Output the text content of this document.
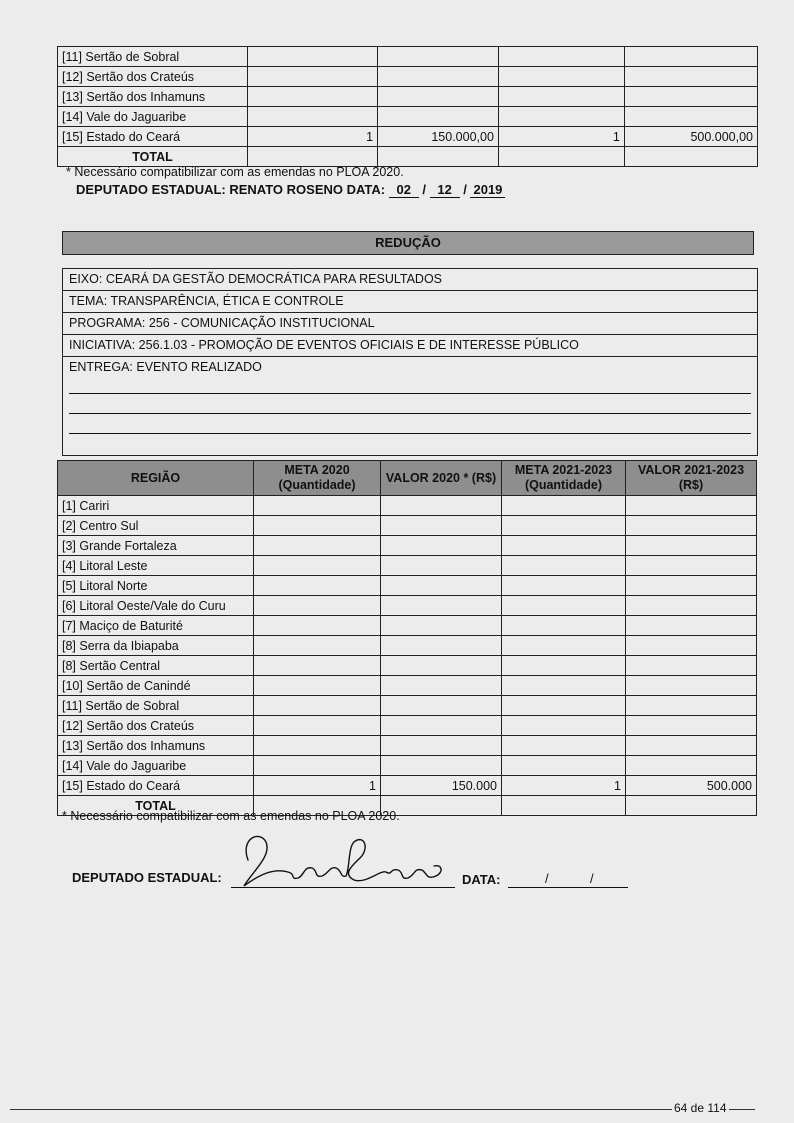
[11] Sertão de Sobral				
[12] Sertão dos Crateús				
[13] Sertão dos Inhamuns				
[14] Vale do Jaguaribe				
[15] Estado do Ceará	1	150.000,00	1	500.000,00
TOTAL				
* Necessário compatibilizar com as emendas no PLOA 2020.
DEPUTADO ESTADUAL: RENATO ROSENO DATA: 02 / 12 / 2019
REDUÇÃO
EIXO: CEARÁ DA GESTÃO DEMOCRÁTICA PARA RESULTADOS
TEMA: TRANSPARÊNCIA, ÉTICA E CONTROLE
PROGRAMA: 256 - COMUNICAÇÃO INSTITUCIONAL
INICIATIVA: 256.1.03 - PROMOÇÃO DE EVENTOS OFICIAIS E DE INTERESSE PÚBLICO
ENTREGA: EVENTO REALIZADO
REGIÃO	META 2020 (Quantidade)	VALOR 2020 * (R$)	META 2021-2023 (Quantidade)	VALOR 2021-2023 (R$)
[1] Cariri				
[2] Centro Sul				
[3] Grande Fortaleza				
[4] Litoral Leste				
[5] Litoral Norte				
[6] Litoral Oeste/Vale do Curu				
[7] Maciço de Baturité				
[8] Serra da Ibiapaba				
[8] Sertão Central				
[10] Sertão de Canindé				
[11] Sertão de Sobral				
[12] Sertão dos Crateús				
[13] Sertão dos Inhamuns				
[14] Vale do Jaguaribe				
[15] Estado do Ceará	1	150.000	1	500.000
TOTAL				
* Necessário compatibilizar com as emendas no PLOA 2020.
DEPUTADO ESTADUAL:	DATA:	/	/
64 de 114
